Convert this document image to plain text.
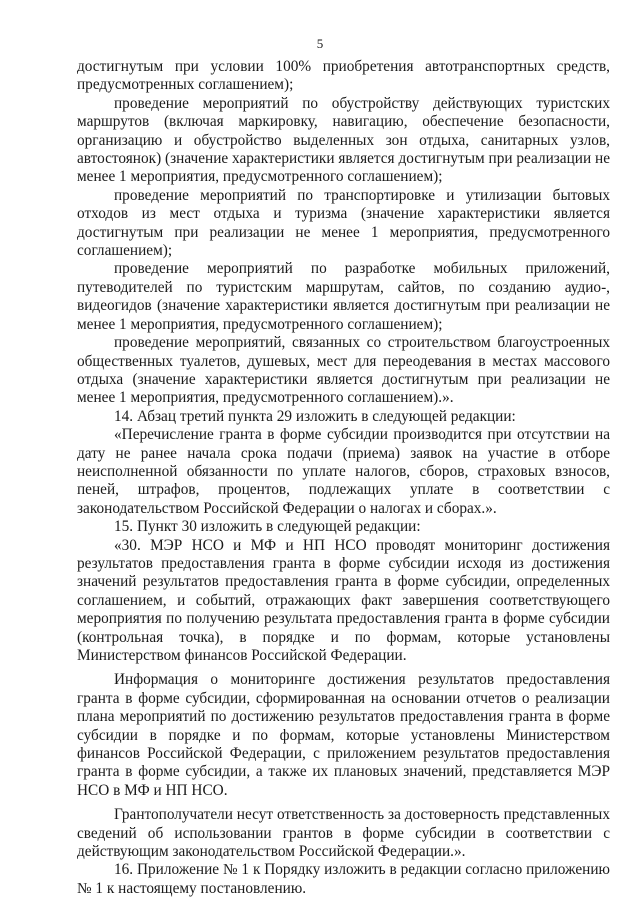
5

достигнутым при условии 100% приобретения автотранспортных средств, предусмотренных соглашением);

проведение мероприятий по обустройству действующих туристских маршрутов (включая маркировку, навигацию, обеспечение безопасности, организацию и обустройство выделенных зон отдыха, санитарных узлов, автостоянок) (значение характеристики является достигнутым при реализации не менее 1 мероприятия, предусмотренного соглашением);

проведение мероприятий по транспортировке и утилизации бытовых отходов из мест отдыха и туризма (значение характеристики является достигнутым при реализации не менее 1 мероприятия, предусмотренного соглашением);

проведение мероприятий по разработке мобильных приложений, путеводителей по туристским маршрутам, сайтов, по созданию аудио-, видеогидов (значение характеристики является достигнутым при реализации не менее 1 мероприятия, предусмотренного соглашением);

проведение мероприятий, связанных со строительством благоустроенных общественных туалетов, душевых, мест для переодевания в местах массового отдыха (значение характеристики является достигнутым при реализации не менее 1 мероприятия, предусмотренного соглашением).».

14. Абзац третий пункта 29 изложить в следующей редакции:

«Перечисление гранта в форме субсидии производится при отсутствии на дату не ранее начала срока подачи (приема) заявок на участие в отборе неисполненной обязанности по уплате налогов, сборов, страховых взносов, пеней, штрафов, процентов, подлежащих уплате в соответствии с законодательством Российской Федерации о налогах и сборах.».

15. Пункт 30 изложить в следующей редакции:

«30. МЭР НСО и МФ и НП НСО проводят мониторинг достижения результатов предоставления гранта в форме субсидии исходя из достижения значений результатов предоставления гранта в форме субсидии, определенных соглашением, и событий, отражающих факт завершения соответствующего мероприятия по получению результата предоставления гранта в форме субсидии (контрольная точка), в порядке и по формам, которые установлены Министерством финансов Российской Федерации.

Информация о мониторинге достижения результатов предоставления гранта в форме субсидии, сформированная на основании отчетов о реализации плана мероприятий по достижению результатов предоставления гранта в форме субсидии в порядке и по формам, которые установлены Министерством финансов Российской Федерации, с приложением результатов предоставления гранта в форме субсидии, а также их плановых значений, представляется МЭР НСО в МФ и НП НСО.

Грантополучатели несут ответственность за достоверность представленных сведений об использовании грантов в форме субсидии в соответствии с действующим законодательством Российской Федерации.».

16. Приложение № 1 к Порядку изложить в редакции согласно приложению № 1 к настоящему постановлению.
